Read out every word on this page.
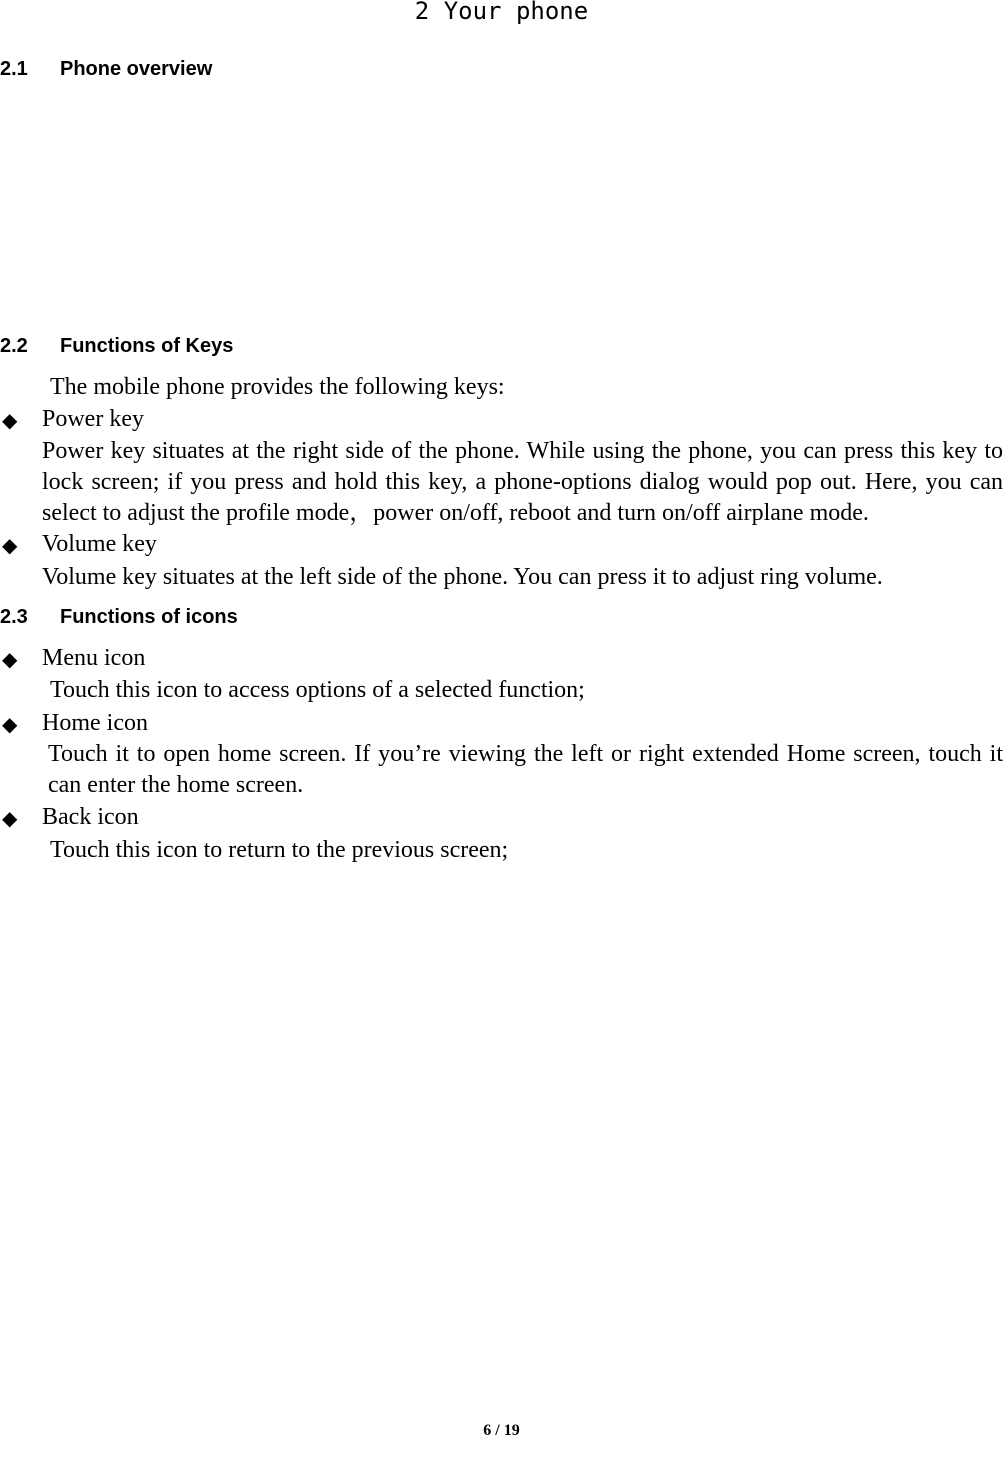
2 Your phone
2.1 Phone overview
2.2 Functions of Keys
The mobile phone provides the following keys:
◆ Power key
Power key situates at the right side of the phone. While using the phone, you can press this key to lock screen; if you press and hold this key, a phone-options dialog would pop out. Here, you can select to adjust the profile mode，power on/off, reboot and turn on/off airplane mode.
◆ Volume key
Volume key situates at the left side of the phone. You can press it to adjust ring volume.
2.3 Functions of icons
◆ Menu icon
Touch this icon to access options of a selected function;
◆ Home icon
Touch it to open home screen. If you’re viewing the left or right extended Home screen, touch it can enter the home screen.
◆ Back icon
Touch this icon to return to the previous screen;
6 / 19
